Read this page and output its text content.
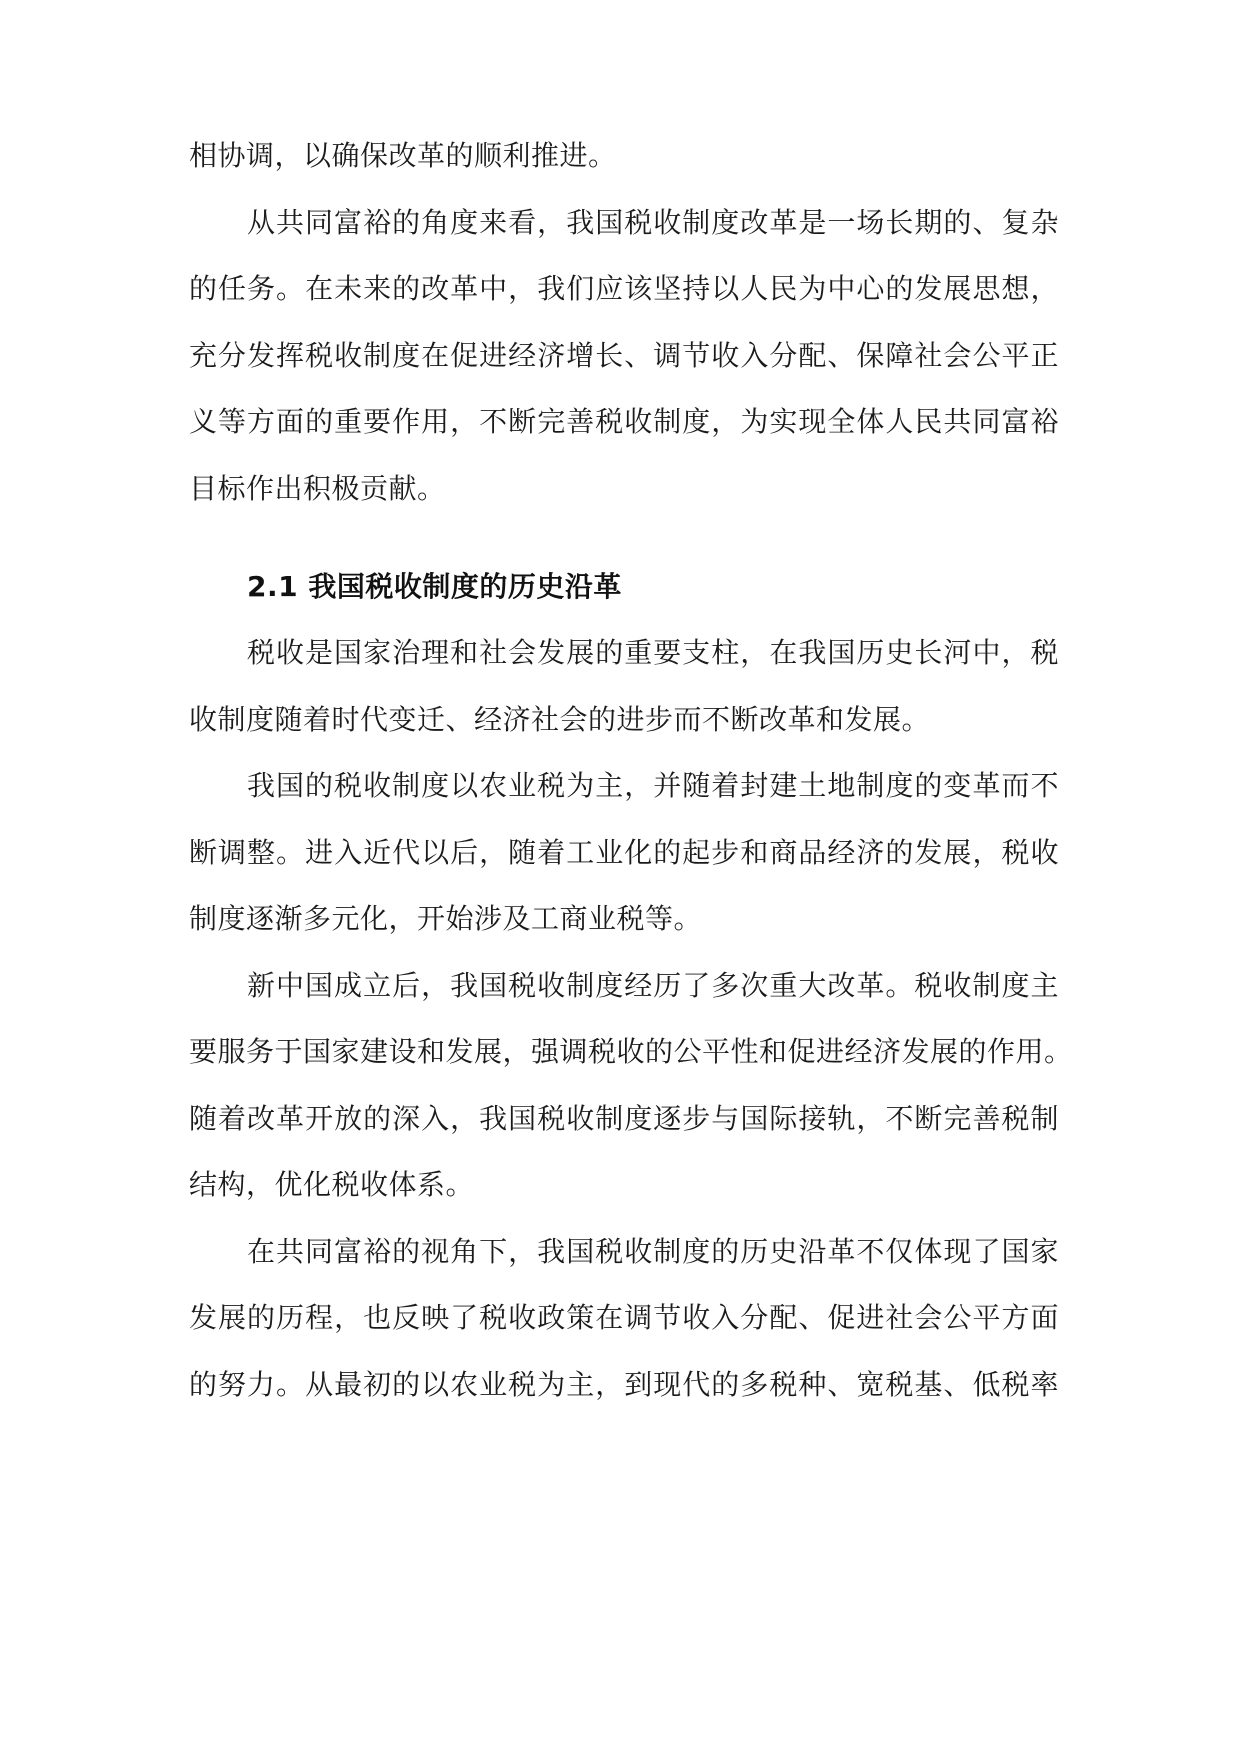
相协调，以确保改革的顺利推进。
从共同富裕的角度来看，我国税收制度改革是一场长期的、复杂
的任务。在未来的改革中，我们应该坚持以人民为中心的发展思想，
充分发挥税收制度在促进经济增长、调节收入分配、保障社会公平正
义等方面的重要作用，不断完善税收制度，为实现全体人民共同富裕
目标作出积极贡献。
2.1 我国税收制度的历史沿革
税收是国家治理和社会发展的重要支柱，在我国历史长河中，税
收制度随着时代变迁、经济社会的进步而不断改革和发展。
我国的税收制度以农业税为主，并随着封建土地制度的变革而不
断调整。进入近代以后，随着工业化的起步和商品经济的发展，税收
制度逐渐多元化，开始涉及工商业税等。
新中国成立后，我国税收制度经历了多次重大改革。税收制度主
要服务于国家建设和发展，强调税收的公平性和促进经济发展的作用。
随着改革开放的深入，我国税收制度逐步与国际接轨，不断完善税制
结构，优化税收体系。
在共同富裕的视角下，我国税收制度的历史沿革不仅体现了国家
发展的历程，也反映了税收政策在调节收入分配、促进社会公平方面
的努力。从最初的以农业税为主，到现代的多税种、宽税基、低税率
